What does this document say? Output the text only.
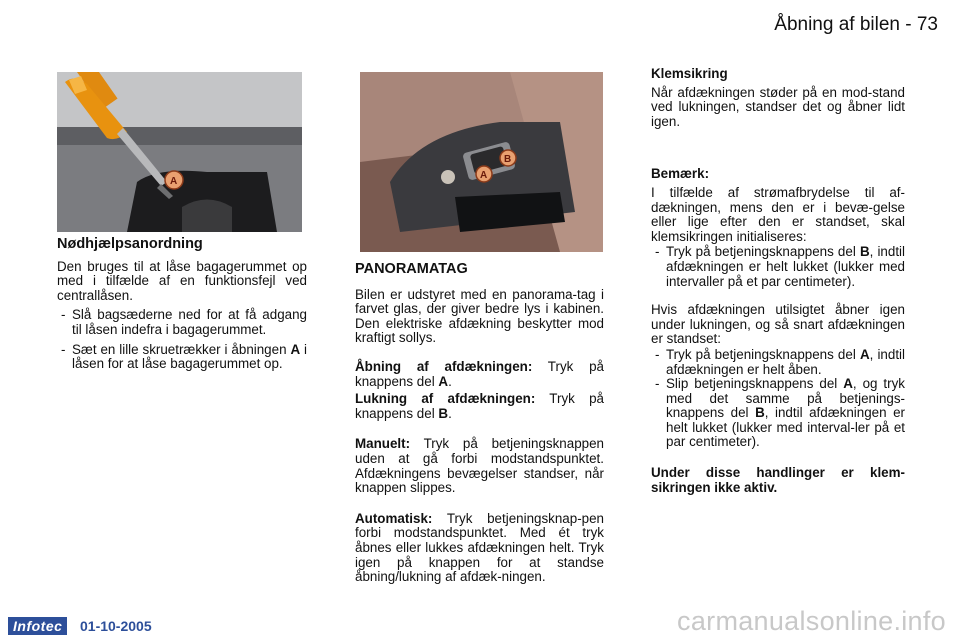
Åbning af bilen - 73
A
B
A

Nødhjælpsanordning

Den bruges til at låse bagagerummet op med i tilfælde af en funktionsfejl ved centrallåsen.

- Slå bagsæderne ned for at få adgang til låsen indefra i bagagerummet.
- Sæt en lille skruetrækker i åbningen A i låsen for at låse bagagerummet op.

PANORAMATAG

Bilen er udstyret med en panorama-tag i farvet glas, der giver bedre lys i kabinen. Den elektriske afdækning beskytter mod kraftigt sollys.

Åbning af afdækningen: Tryk på knappens del A.

Lukning af afdækningen: Tryk på knappens del B.

Manuelt: Tryk på betjeningsknappen uden at gå forbi modstandspunktet. Afdækningens bevægelser standser, når knappen slippes.

Automatisk: Tryk betjeningsknap-pen forbi modstandspunktet. Med ét tryk åbnes eller lukkes afdækningen helt. Tryk igen på knappen for at standse åbning/lukning af afdæk-ningen.

Klemsikring

Når afdækningen støder på en mod-stand ved lukningen, standser det og åbner lidt igen.

Bemærk:

I tilfælde af strømafbrydelse til af-dækningen, mens den er i bevæ-gelse eller lige efter den er standset, skal klemsikringen initialiseres:

- Tryk på betjeningsknappens del B, indtil afdækningen er helt lukket (lukker med intervaller på et par centimeter).

Hvis afdækningen utilsigtet åbner igen under lukningen, og så snart afdækningen er standset:

- Tryk på betjeningsknappens del A, indtil afdækningen er helt åben.
- Slip betjeningsknappens del A, og tryk med det samme på betjenings-knappens del B, indtil afdækningen er helt lukket (lukker med interval-ler på et par centimeter).

Under disse handlinger er klem-sikringen ikke aktiv.

Infotec	01-10-2005	carmanualsonline.info
